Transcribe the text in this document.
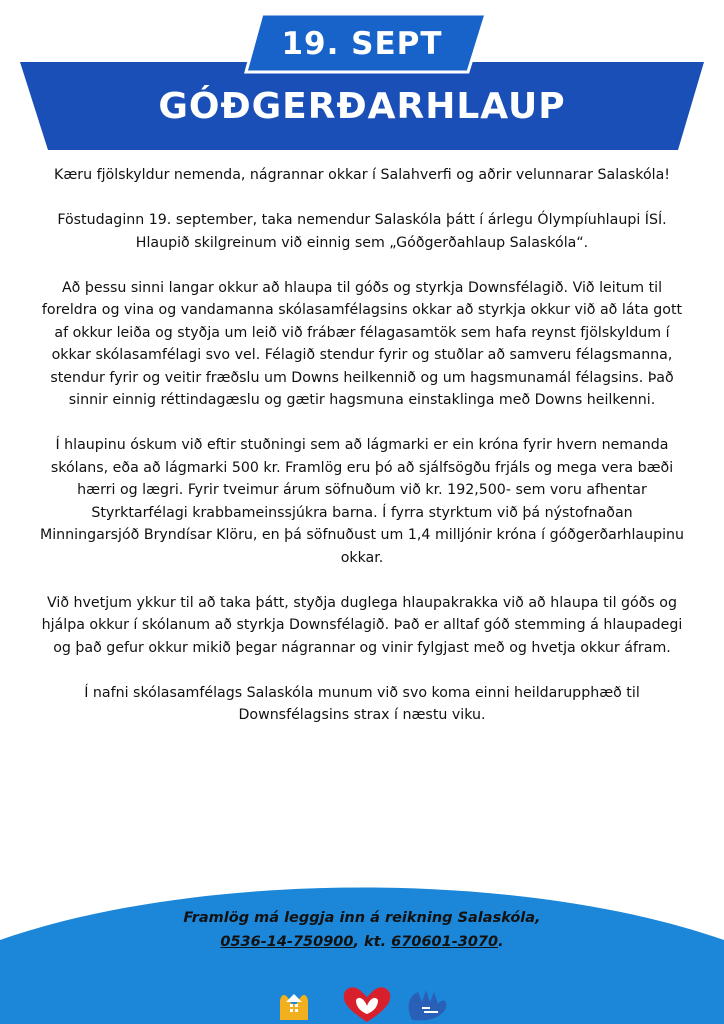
19. SEPT
GÓÐGERÐARHLAUP

Kæru fjölskyldur nemenda, nágrannar okkar í Salahverfi og aðrir velunnarar Salaskóla!

Föstudaginn 19. september, taka nemendur Salaskóla þátt í árlegu Ólympíuhlaupi ÍSÍ. Hlaupið skilgreinum við einnig sem „Góðgerðahlaup Salaskóla“.

Að þessu sinni langar okkur að hlaupa til góðs og styrkja Downsfélagið. Við leitum til foreldra og vina og vandamanna skólasamfélagsins okkar að styrkja okkur við að láta gott af okkur leiða og styðja um leið við frábær félagasamtök sem hafa reynst fjölskyldum í okkar skólasamfélagi svo vel. Félagið stendur fyrir og stuðlar að samveru félagsmanna, stendur fyrir og veitir fræðslu um Downs heilkennið og um hagsmunamál félagsins. Það sinnir einnig réttindagæslu og gætir hagsmuna einstaklinga með Downs heilkenni.

Í hlaupinu óskum við eftir stuðningi sem að lágmarki er ein króna fyrir hvern nemanda skólans, eða að lágmarki 500 kr. Framlög eru þó að sjálfsögðu frjáls og mega vera bæði hærri og lægri. Fyrir tveimur árum söfnuðum við kr. 192,500- sem voru afhentar Styrktarfélagi krabbameinssjúkra barna. Í fyrra styrktum við þá nýstofnaðan Minningarsjóð Bryndísar Klöru, en þá söfnuðust um 1,4 milljónir króna í góðgerðarhlaupinu okkar.

Við hvetjum ykkur til að taka þátt, styðja duglega hlaupakrakka við að hlaupa til góðs og hjálpa okkur í skólanum að styrkja Downsfélagið. Það er alltaf góð stemming á hlaupadegi og það gefur okkur mikið þegar nágrannar og vinir fylgjast með og hvetja okkur áfram.

Í nafni skólasamfélags Salaskóla munum við svo koma einni heildarupphæð til Downsfélagsins strax í næstu viku.

Framlög má leggja inn á reikning Salaskóla,
0536-14-750900, kt. 670601-3070.
